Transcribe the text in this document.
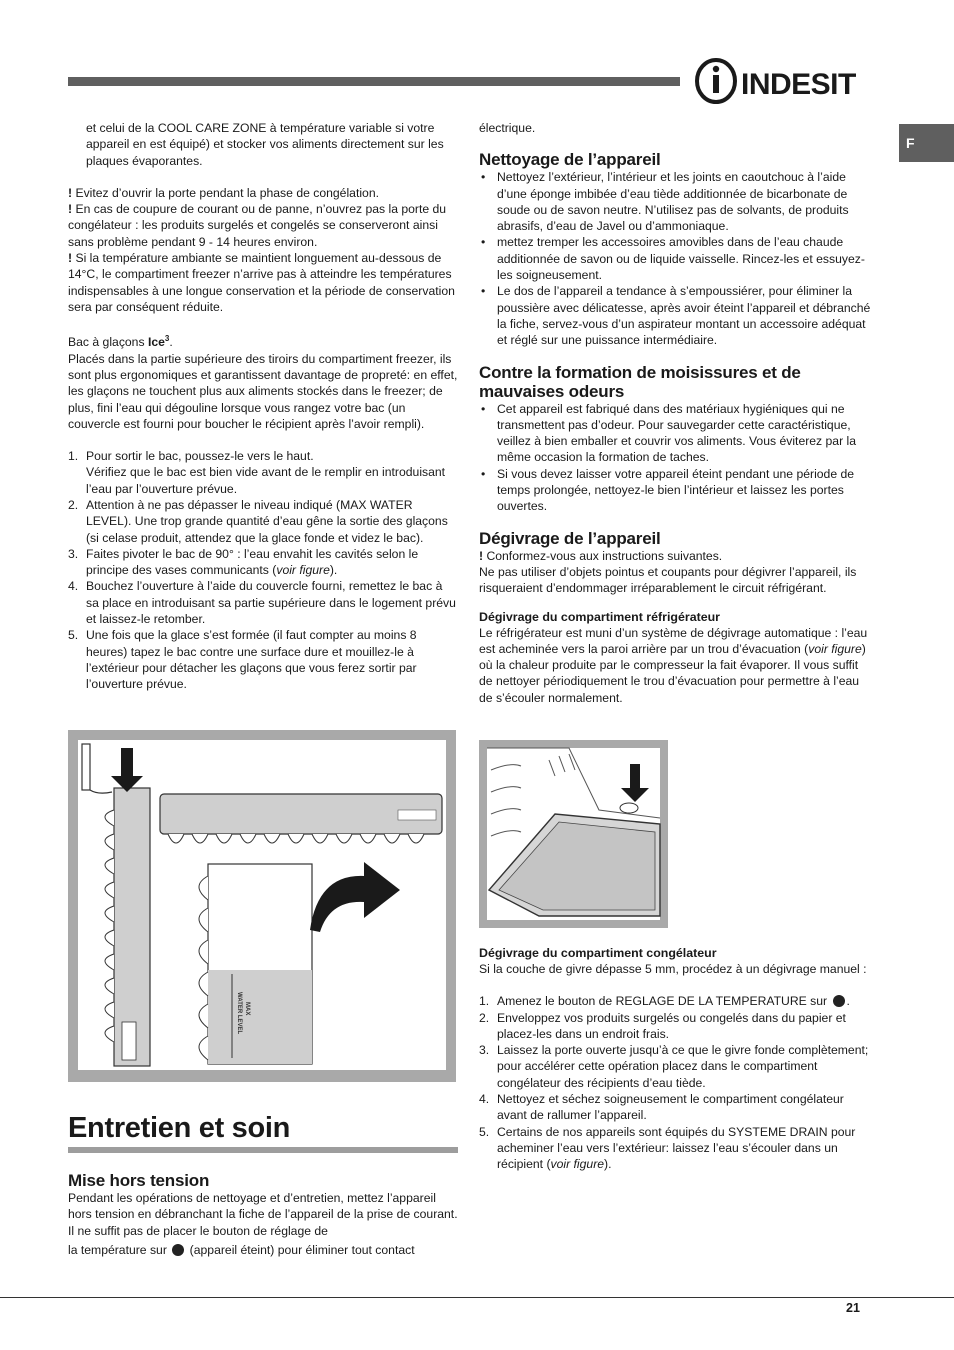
INDESIT
F

et celui de la COOL CARE ZONE à température variable si votre appareil en est équipé) et stocker vos aliments directement sur les plaques évaporantes.

! Evitez d’ouvrir la porte pendant la phase de congélation.

! En cas de coupure de courant ou de panne, n’ouvrez pas la porte du congélateur : les produits surgelés et congelés se conserveront ainsi sans problème pendant 9 - 14 heures environ.

! Si la température ambiante se maintient longuement au-dessous de 14°C, le compartiment freezer n’arrive pas à atteindre les températures indispensables à une longue conservation et la période de conservation sera par conséquent réduite.

Bac à glaçons Ice$^3$.

Placés dans la partie supérieure des tiroirs du compartiment freezer, ils sont plus ergonomiques et garantissent davantage de propreté: en effet, les glaçons ne touchent plus aux aliments stockés dans le freezer; de plus, fini l’eau qui dégouline lorsque vous rangez votre bac (un couvercle est fourni pour boucher le récipient après l’avoir rempli).

1. Pour sortir le bac, poussez-le vers le haut.
Vérifiez que le bac est bien vide avant de le remplir en introduisant l’eau par l’ouverture prévue.
2. Attention à ne pas dépasser le niveau indiqué (MAX WATER LEVEL). Une trop grande quantité d’eau gêne la sortie des glaçons (si celase produit, attendez que la glace fonde et videz le bac).
3. Faites pivoter le bac de 90° : l’eau envahit les cavités selon le principe des vases communicants (voir figure).
4. Bouchez l’ouverture à l’aide du couvercle fourni, remettez le bac à sa place en introduisant sa partie supérieure dans le logement prévu et laissez-le retomber.
5. Une fois que la glace s’est formée (il faut compter au moins 8 heures) tapez le bac contre une surface dure et mouillez-le à l’extérieur pour détacher les glaçons que vous ferez sortir par l’ouverture prévue.
MAX
WATER LEVEL
Entretien et soin
Mise hors tension

Pendant les opérations de nettoyage et d’entretien, mettez l’appareil hors tension en débranchant la fiche de l’appareil de la prise de courant. Il ne suffit pas de placer le bouton de réglage de

la température sur  (appareil éteint) pour éliminer tout contact

électrique.

Nettoyage de l’appareil
• Nettoyez l’extérieur, l’intérieur et les joints en caoutchouc à l’aide d’une éponge imbibée d’eau tiède additionnée de bicarbonate de soude ou de savon neutre. N’utilisez pas de solvants, de produits abrasifs, d’eau de Javel ou d’ammoniaque.
• mettez tremper les accessoires amovibles dans de l’eau chaude additionnée de savon ou de liquide vaisselle. Rincez-les et essuyez-les soigneusement.
• Le dos de l’appareil a tendance à s’empoussiérer, pour éliminer la poussière avec délicatesse, après avoir éteint l’appareil et débranché la fiche, servez-vous d’un aspirateur montant un accessoire adéquat et réglé sur une puissance intermédiaire.
Contre la formation de moisissures et de mauvaises odeurs
• Cet appareil est fabriqué dans des matériaux hygiéniques qui ne transmettent pas d’odeur. Pour sauvegarder cette caractéristique, veillez à bien emballer et couvrir vos aliments. Vous éviterez par la même occasion la formation de taches.
• Si vous devez laisser votre appareil éteint pendant une période de temps prolongée, nettoyez-le bien l’intérieur et laissez les portes ouvertes.
Dégivrage de l’appareil

! Conformez-vous aux instructions suivantes.

Ne pas utiliser d’objets pointus et coupants pour dégivrer l’appareil, ils risqueraient d’endommager irréparablement le circuit réfrigérant.

Dégivrage du compartiment réfrigérateur

Le réfrigérateur est muni d’un système de dégivrage automatique : l’eau est acheminée vers la paroi arrière par un trou d’évacuation (voir figure) où la chaleur produite par le compresseur la fait évaporer. Il vous suffit de nettoyer périodiquement le trou d’évacuation pour permettre à l’eau de s’écouler normalement.

Dégivrage du compartiment congélateur

Si la couche de givre dépasse 5 mm, procédez à un dégivrage manuel :

1. Amenez le bouton de REGLAGE DE LA TEMPERATURE sur .
2. Enveloppez vos produits surgelés ou congelés dans du papier et placez-les dans un endroit frais.
3. Laissez la porte ouverte jusqu’à ce que le givre fonde complètement; pour accélérer cette opération placez dans le compartiment congélateur des récipients d’eau tiède.
4. Nettoyez et séchez soigneusement le compartiment congélateur avant de rallumer l’appareil.
5. Certains de nos appareils sont équipés du SYSTEME DRAIN pour acheminer l’eau vers l’extérieur: laissez l’eau s’écouler dans un récipient (voir figure).
21
